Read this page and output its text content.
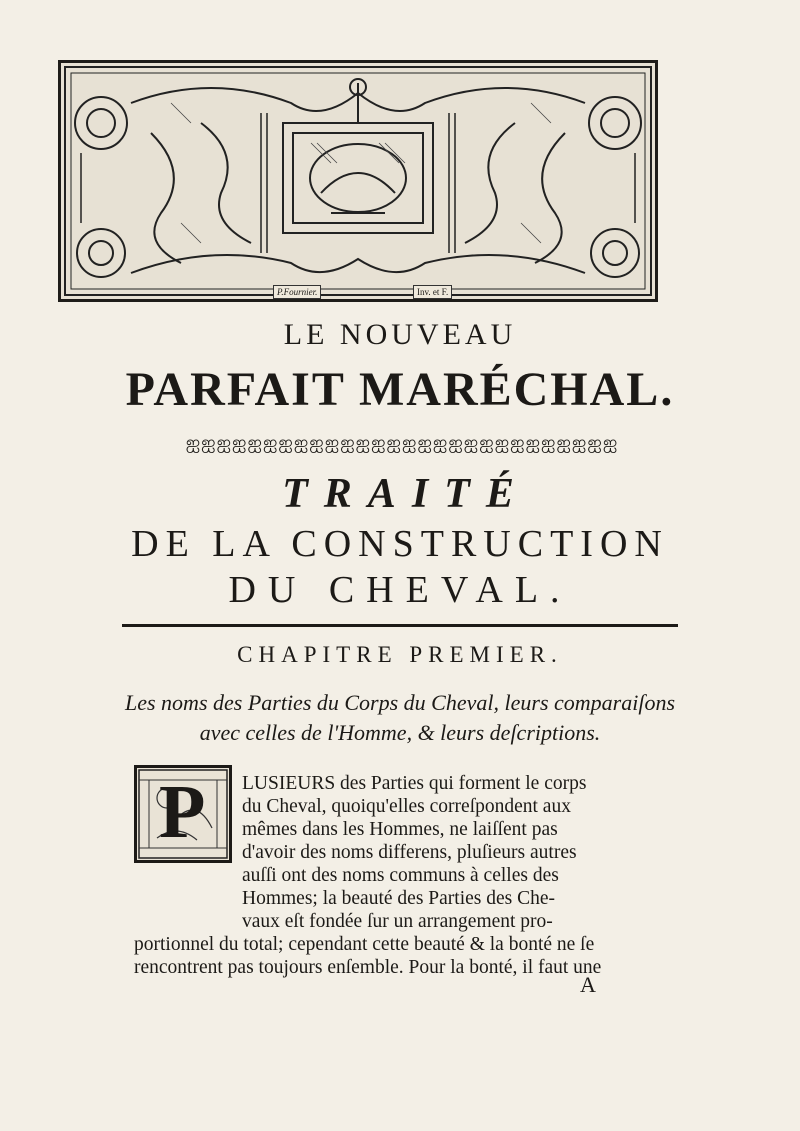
P.Fournier.	Inv. et F.
LE NOUVEAU
PARFAIT MARÉCHAL.
ஐஐஐஐஐஐஐஐஐஐஐஐஐஐஐஐஐஐஐஐஐஐஐஐஐஐஐஐ
TRAITÉ
DE LA CONSTRUCTION
DU CHEVAL.
CHAPITRE PREMIER.
Les noms des Parties du Corps du Cheval, leurs comparaiſons
avec celles de l'Homme, & leurs deſcriptions.
P LUSIEURS des Parties qui forment le corps
du Cheval, quoiqu'elles correſpondent aux
mêmes dans les Hommes, ne laiſſent pas
d'avoir des noms differens, pluſieurs autres
auſſi ont des noms communs à celles des
Hommes; la beauté des Parties des Che-
vaux eſt fondée ſur un arrangement pro-
portionnel du total; cependant cette beauté & la bonté ne ſe
rencontrent pas toujours enſemble. Pour la bonté, il faut une
A
